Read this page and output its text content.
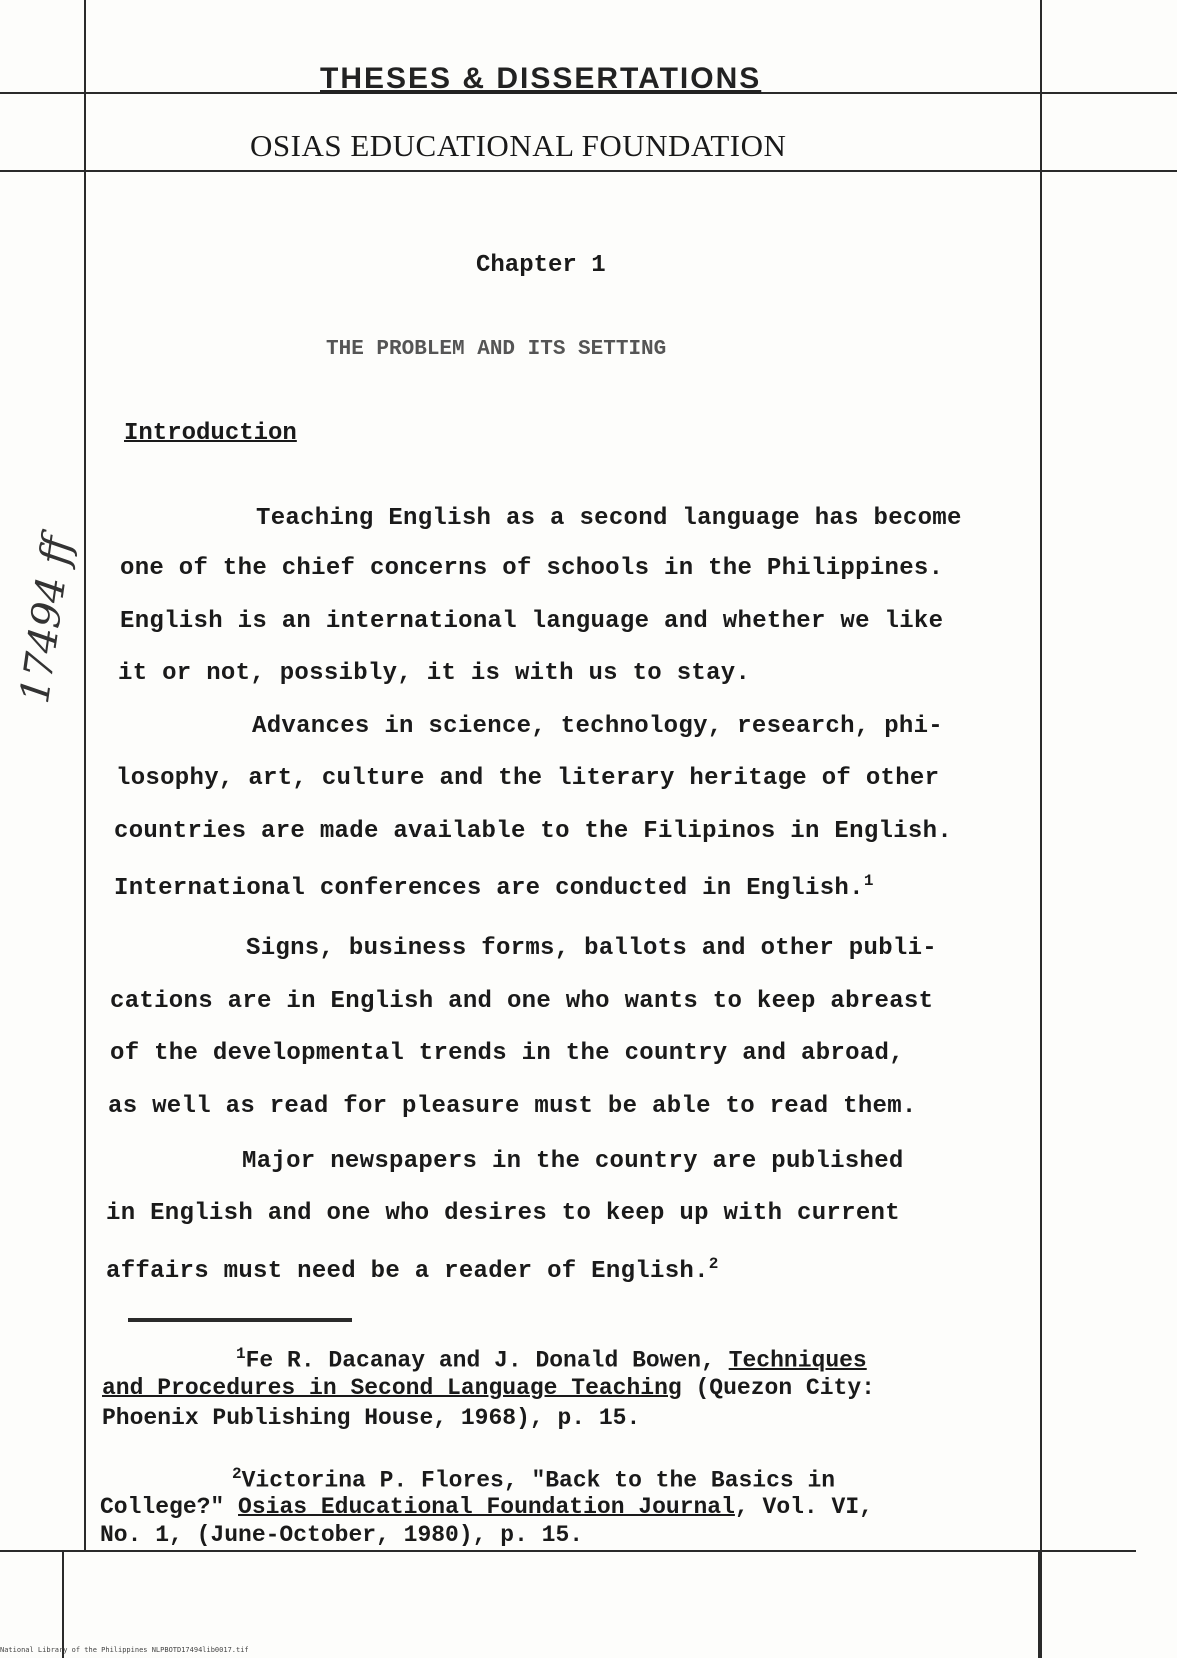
THESES & DISSERTATIONS
OSIAS EDUCATIONAL FOUNDATION
Chapter 1
THE PROBLEM AND ITS SETTING
Introduction
Teaching English as a second language has become
one of the chief concerns of schools in the Philippines.
English is an international language and whether we like
it or not, possibly, it is with us to stay.
Advances in science, technology, research, phi-
losophy, art, culture and the literary heritage of other
countries are made available to the Filipinos in English.
International conferences are conducted in English.$^1$
Signs, business forms, ballots and other publi-
cations are in English and one who wants to keep abreast
of the developmental trends in the country and abroad,
as well as read for pleasure must be able to read them.
Major newspapers in the country are published
in English and one who desires to keep up with current
affairs must need be a reader of English.$^2$
$^1$Fe R. Dacanay and J. Donald Bowen, Techniques
and Procedures in Second Language Teaching (Quezon City:
Phoenix Publishing House, 1968), p. 15.
$^2$Victorina P. Flores, "Back to the Basics in
College?" Osias Educational Foundation Journal, Vol. VI,
No. 1, (June-October, 1980), p. 15.
17494 ff
National Library of the Philippines NLPBOTD17494lib0017.tif
